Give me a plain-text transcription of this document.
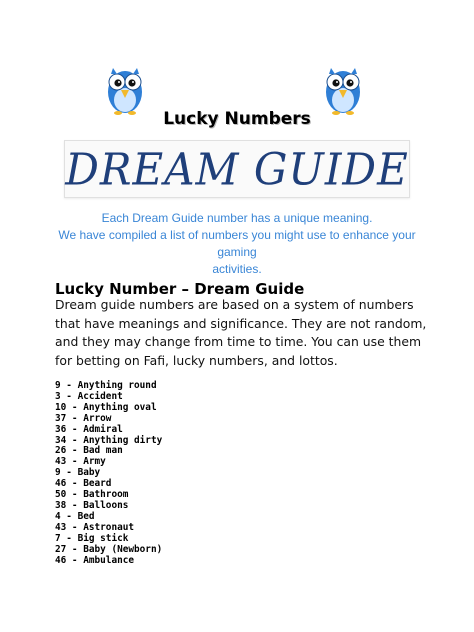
Lucky Numbers
DREAM GUIDE
Each Dream Guide number has a unique meaning.
We have compiled a list of numbers you might use to enhance your gaming
activities.
Lucky Number – Dream Guide
Dream guide numbers are based on a system of numbers that have meanings and significance. They are not random, and they may change from time to time. You can use them for betting on Fafi, lucky numbers, and lottos.
9 - Anything round
3 - Accident
10 - Anything oval
37 - Arrow
36 - Admiral
34 - Anything dirty
26 - Bad man
43 - Army
9 - Baby
46 - Beard
50 - Bathroom
38 - Balloons
4 - Bed
43 - Astronaut
7 - Big stick
27 - Baby (Newborn)
46 - Ambulance
